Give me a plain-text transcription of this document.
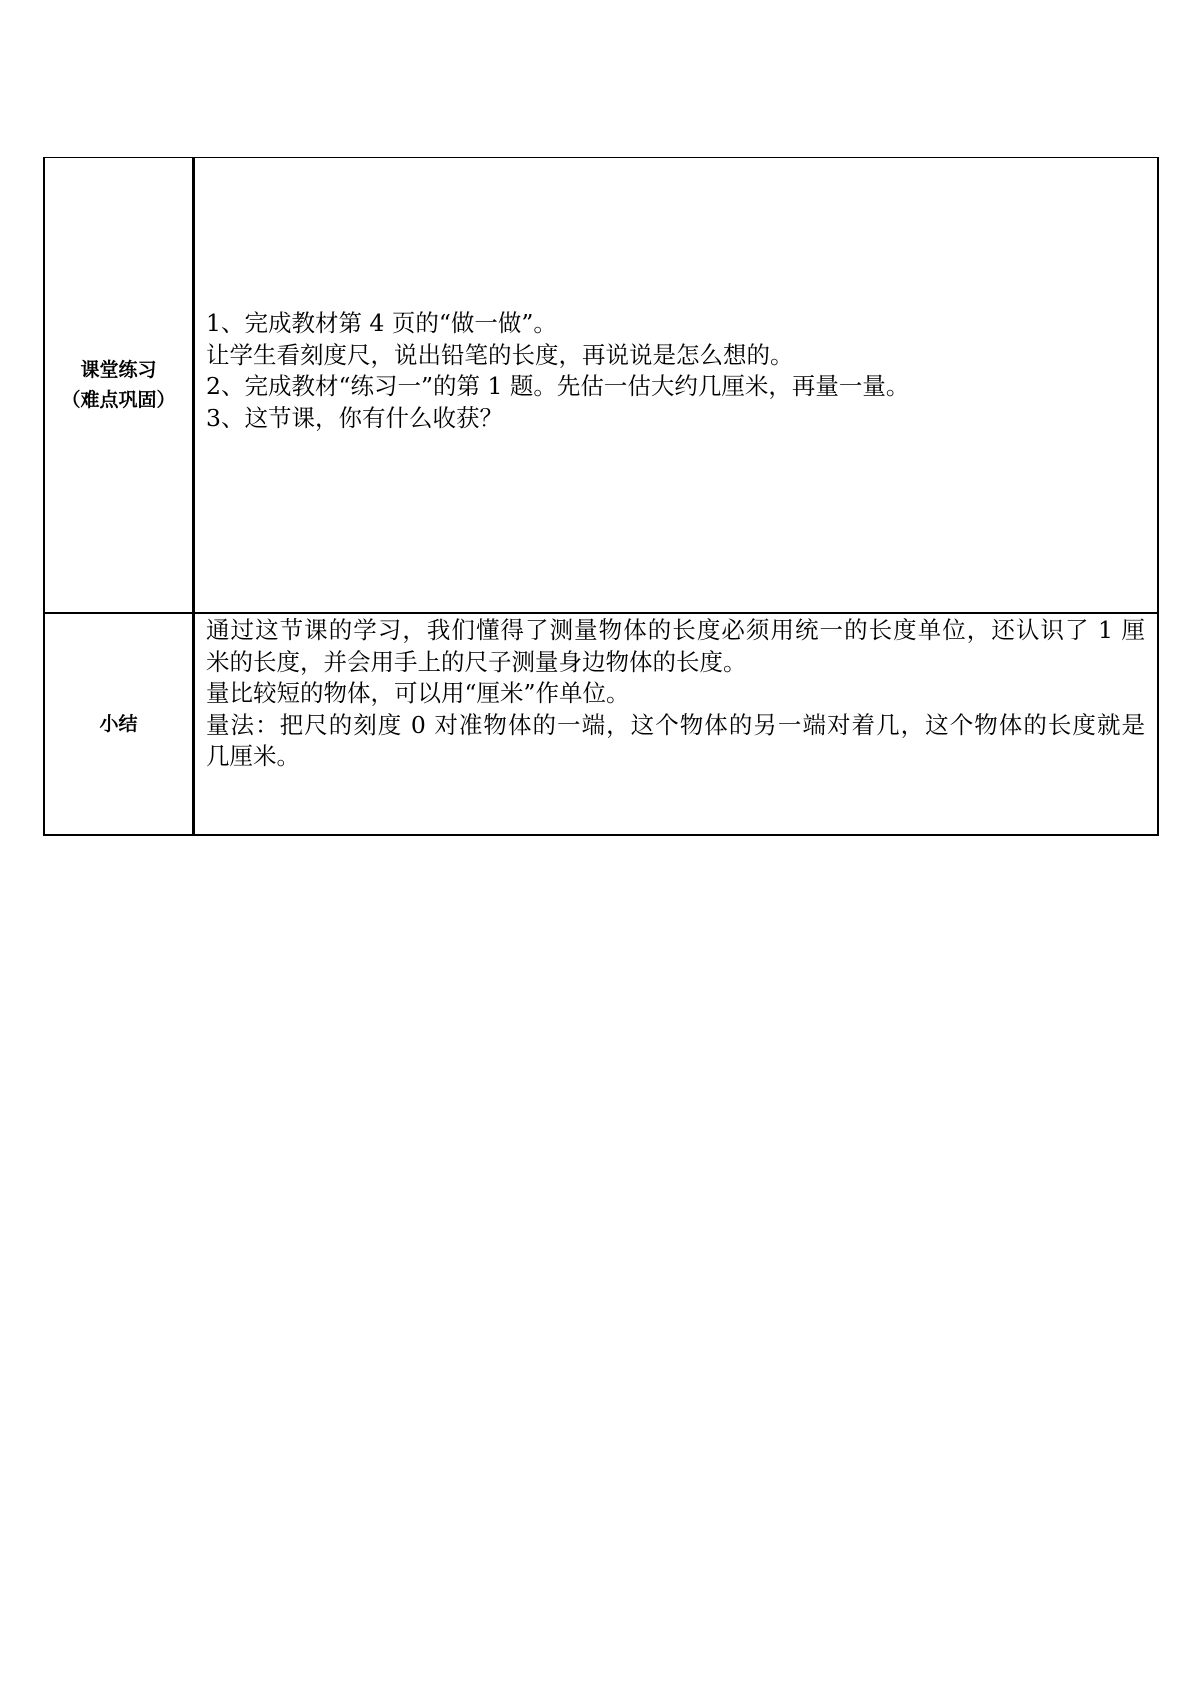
课堂练习
（难点巩固）
1、完成教材第 4 页的“做一做”。
让学生看刻度尺，说出铅笔的长度，再说说是怎么想的。
2、完成教材“练习一”的第 1 题。先估一估大约几厘米，再量一量。
3、这节课，你有什么收获？
小结
通过这节课的学习，我们懂得了测量物体的长度必须用统一的长度单位，还认识了 1 厘
米的长度，并会用手上的尺子测量身边物体的长度。
量比较短的物体，可以用“厘米”作单位。
量法：把尺的刻度 0 对准物体的一端，这个物体的另一端对着几，这个物体的长度就是
几厘米。
